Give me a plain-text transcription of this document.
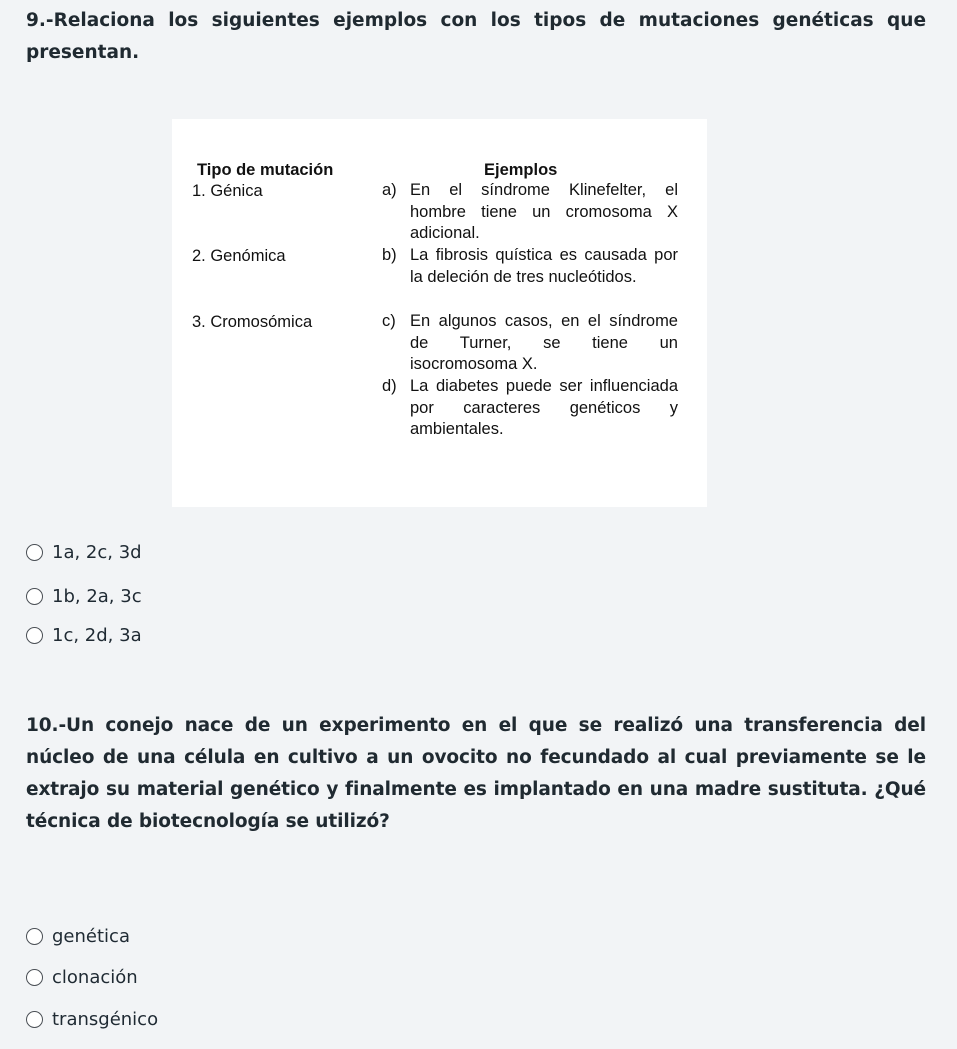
9.-Relaciona los siguientes ejemplos con los tipos de mutaciones genéticas que presentan.
Tipo de mutación	Ejemplos
1. Génica
2. Genómica
3. Cromosómica
a) En el síndrome Klinefelter, el hombre tiene un cromosoma X adicional.
b) La fibrosis quística es causada por la deleción de tres nucleótidos.
c) En algunos casos, en el síndrome de Turner, se tiene un isocromosoma X.
d) La diabetes puede ser influenciada por caracteres genéticos y ambientales.
1a, 2c, 3d
1b, 2a, 3c
1c, 2d, 3a
10.-Un conejo nace de un experimento en el que se realizó una transferencia del núcleo de una célula en cultivo a un ovocito no fecundado al cual previamente se le extrajo su material genético y finalmente es implantado en una madre sustituta. ¿Qué técnica de biotecnología se utilizó?
genética
clonación
transgénico
